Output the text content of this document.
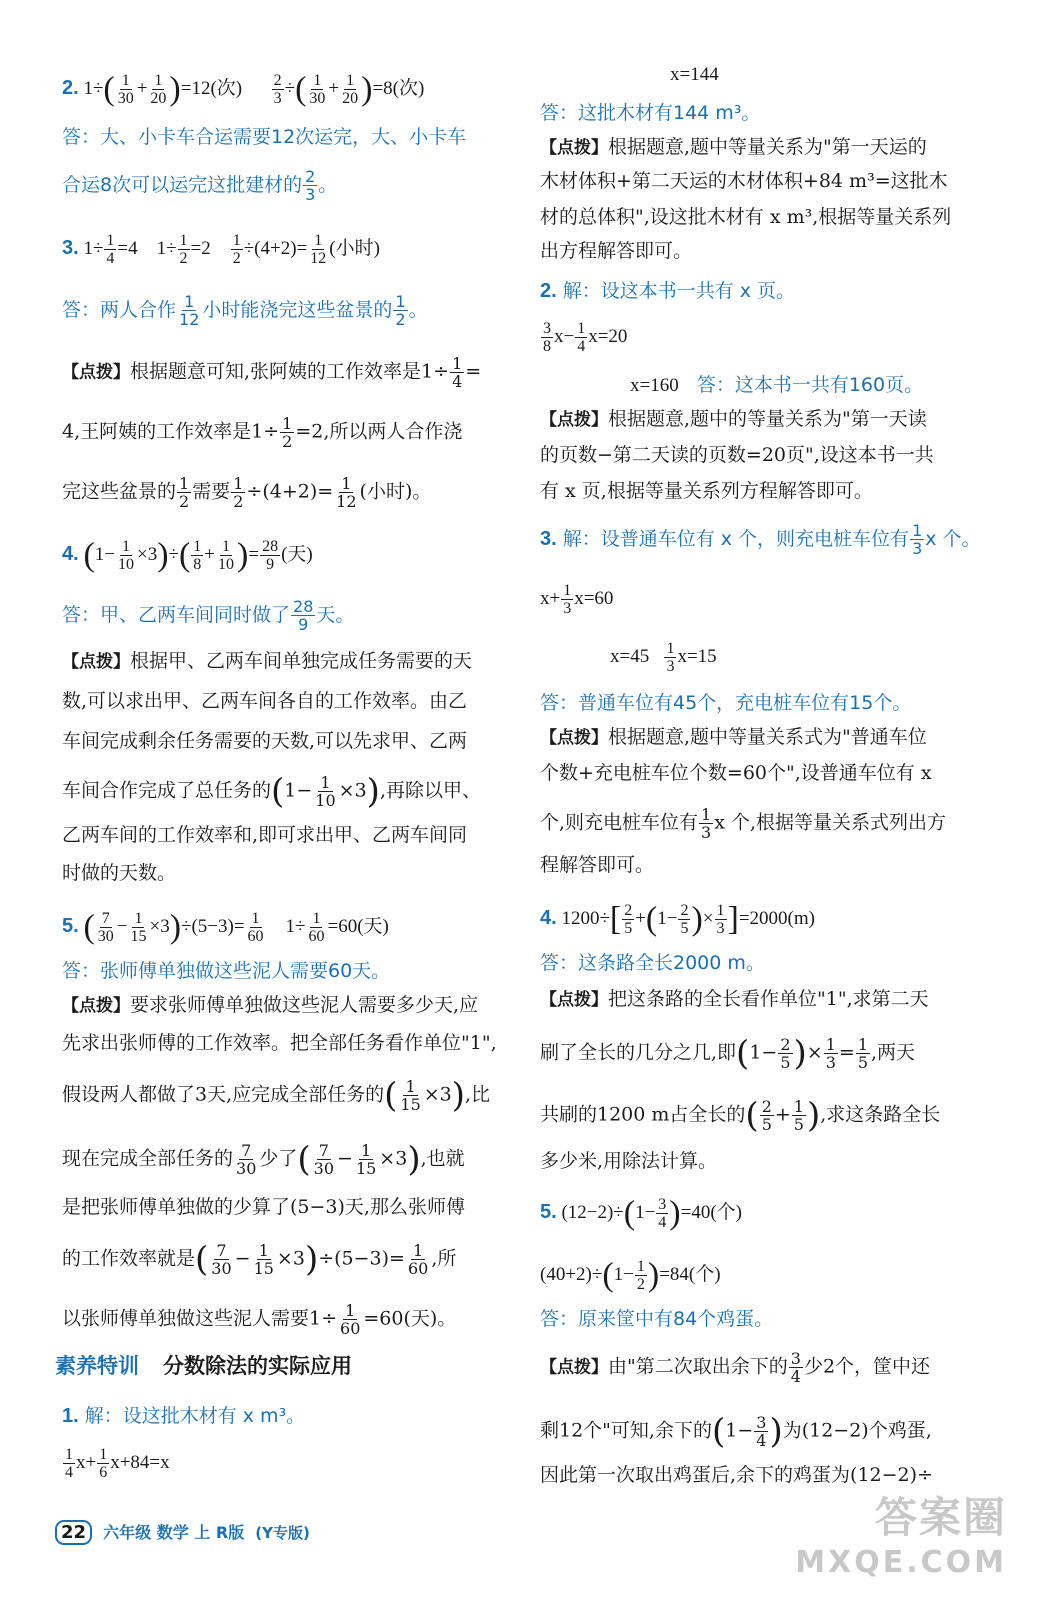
2. $1\div( \frac{1}{30} + \frac{1}{20} )=12$(次) $\frac{2}{3}$ ÷( $\frac{1}{30} + \frac{1}{20} )=8$(次)
答：大、小卡车合运需要12次运完，大、小卡车
合运8次可以运完这批建材的 $\frac{2}{3}$ 。
3. $1\div \frac{1}{4} =4$ $1\div \frac{1}{2} =2 \frac{1}{2} \div(4+2)= \frac{1}{12}$ (小时)
答：两人合作 $\frac{1}{12}$ 小时能浇完这些盆景的 $\frac{1}{2}$ 。
【点拨】根据题意可知,张阿姨的工作效率是$1\div \frac{1}{4}$ =
4,王阿姨的工作效率是$1\div \frac{1}{2} =2$,所以两人合作浇
完这些盆景的 $\frac{1}{2}$ 需要 $\frac{1}{2} \div(4+2)= \frac{1}{12}$ (小时)。
4. $(1- \frac{1}{10} \times 3)\div( \frac{1}{8} + \frac{1}{10}$ )= $\frac{28}{9}$ (天)
答：甲、乙两车间同时做了 $\frac{28}{9}$ 天。
【点拨】根据甲、乙两车间单独完成任务需要的天
数,可以求出甲、乙两车间各自的工作效率。由乙
车间完成剩余任务需要的天数,可以先求甲、乙两
车间合作完成了总任务的$(1- \frac{1}{10} \times 3)$,再除以甲、
乙两车间的工作效率和,即可求出甲、乙两车间同
时做的天数。
5. ( $\frac{7}{30} - \frac{1}{15} \times 3)\div(5-3)= \frac{1}{60} 1\div \frac{1}{60} =60$(天)
答：张师傅单独做这些泥人需要60天。
【点拨】要求张师傅单独做这些泥人需要多少天,应
先求出张师傅的工作效率。把全部任务看作单位"1",
假设两人都做了3天,应完成全部任务的( $\frac{1}{15} \times 3$),比
现在完成全部任务的 $\frac{7}{30}$ 少了( $\frac{7}{30} - \frac{1}{15} \times 3$),也就
是把张师傅单独做的少算了(5−3)天,那么张师傅
的工作效率就是( $\frac{7}{30} - \frac{1}{15} \times 3)\div(5-3)= \frac{1}{60}$ ,所
以张师傅单独做这些泥人需要$1\div \frac{1}{60} =60$(天)。
1. 解：设这批木材有 x m³。
$\frac{1}{4} x+ \frac{1}{6} x+84=x$
素养特训 分数除法的实际应用
x=144
答：这批木材有144 m³。
【点拨】根据题意,题中等量关系为"第一天运的
木材体积+第二天运的木材体积+84 m³=这批木
材的总体积",设这批木材有 x m³,根据等量关系列
出方程解答即可。
2. 解：设这本书一共有 x 页。
$\frac{3}{8} x- \frac{1}{4} x=20$
x=160 答：这本书一共有160页。
【点拨】根据题意,题中的等量关系为"第一天读
的页数−第二天读的页数=20页",设这本书一共
有 x 页,根据等量关系列方程解答即可。
3. 解：设普通车位有 x 个，则充电桩车位有 $\frac{1}{3}$ x 个。
$x+ \frac{1}{3} x=60$
$x=45 \frac{1}{3} x=15$
答：普通车位有45个，充电桩车位有15个。
【点拨】根据题意,题中等量关系式为"普通车位
个数+充电桩车位个数=60个",设普通车位有 x
个,则充电桩车位有 $\frac{1}{3}$ x 个,根据等量关系式列出方
程解答即可。
4. $1200\div[ \frac{2}{5} +(1- \frac{2}{5}$ )× $\frac{1}{3} ]=2000(m)$
答：这条路全长2000 m。
【点拨】把这条路的全长看作单位"1",求第二天
刷了全长的几分之几,即($1- \frac{2}{5}$ )× $\frac{1}{3} = \frac{1}{5}$ ,两天
共刷的1200 m占全长的( $\frac{2}{5} + \frac{1}{5}$ ),求这条路全长
多少米,用除法计算。
5. $(12-2)\div(1- \frac{3}{4} )=40$(个)
$(40+2)\div(1- \frac{1}{2} )=84$(个)
答：原来筐中有84个鸡蛋。
【点拨】由"第二次取出余下的 $\frac{3}{4}$ 少2个，筐中还
剩12个"可知,余下的($1- \frac{3}{4}$ )为(12−2)个鸡蛋,
因此第一次取出鸡蛋后,余下的鸡蛋为(12−2)÷
22 六年级 数学 上 R版 (Y专版)	答案圈
MXQE.COM
